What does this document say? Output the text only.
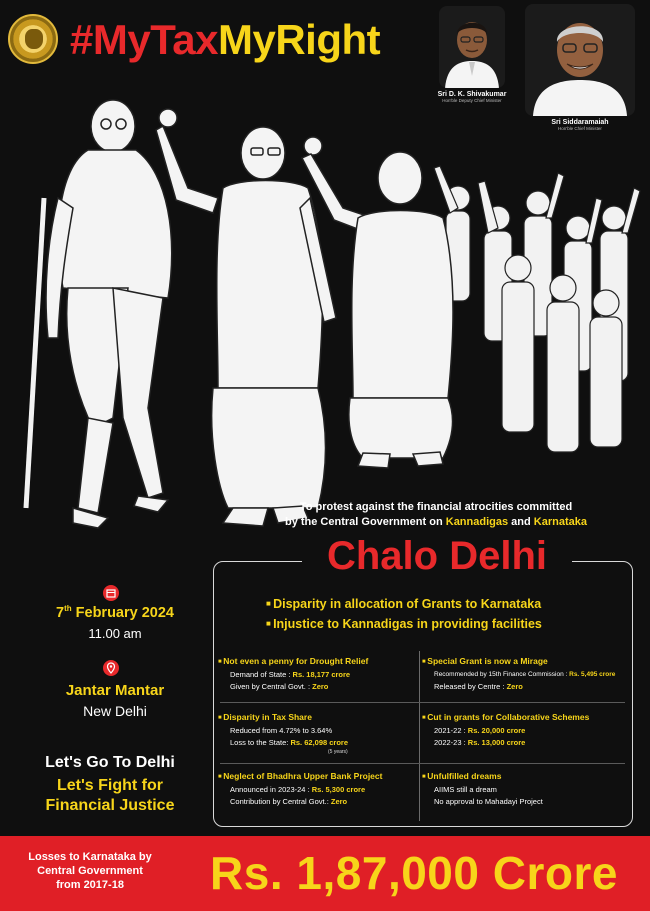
#MyTaxMyRight
Sri D. K. Shivakumar
Hon'ble Deputy Chief Minister
Sri Siddaramaiah
Hon'ble Chief Minister
To protest against the financial atrocities committed
by the Central Government on Kannadigas and Karnataka
Chalo Delhi
■ Disparity in allocation of Grants to Karnataka
■ Injustice to Kannadigas in providing facilities
■ Not even a penny for Drought Relief
Demand of State : Rs. 18,177 crore
Given by Central Govt. : Zero
■ Special Grant is now a Mirage
Recommended by 15th Finance Commission : Rs. 5,495 crore
Released by Centre : Zero
■ Disparity in Tax Share
Reduced from 4.72% to 3.64%
Loss to the State: Rs. 62,098 crore
(5 years)
■ Cut in grants for Collaborative Schemes
2021-22 : Rs. 20,000 crore
2022-23 : Rs. 13,000 crore
■ Neglect of Bhadhra Upper Bank Project
Announced in 2023-24 : Rs. 5,300 crore
Contribution by Central Govt.: Zero
■ Unfulfilled dreams
AIIMS still a dream
No approval to Mahadayi Project
7th February 2024
11.00 am
Jantar Mantar
New Delhi
Let's Go To Delhi
Let's Fight for
Financial Justice
Losses to Karnataka by
Central Government
from 2017-18	Rs. 1,87,000 Crore
